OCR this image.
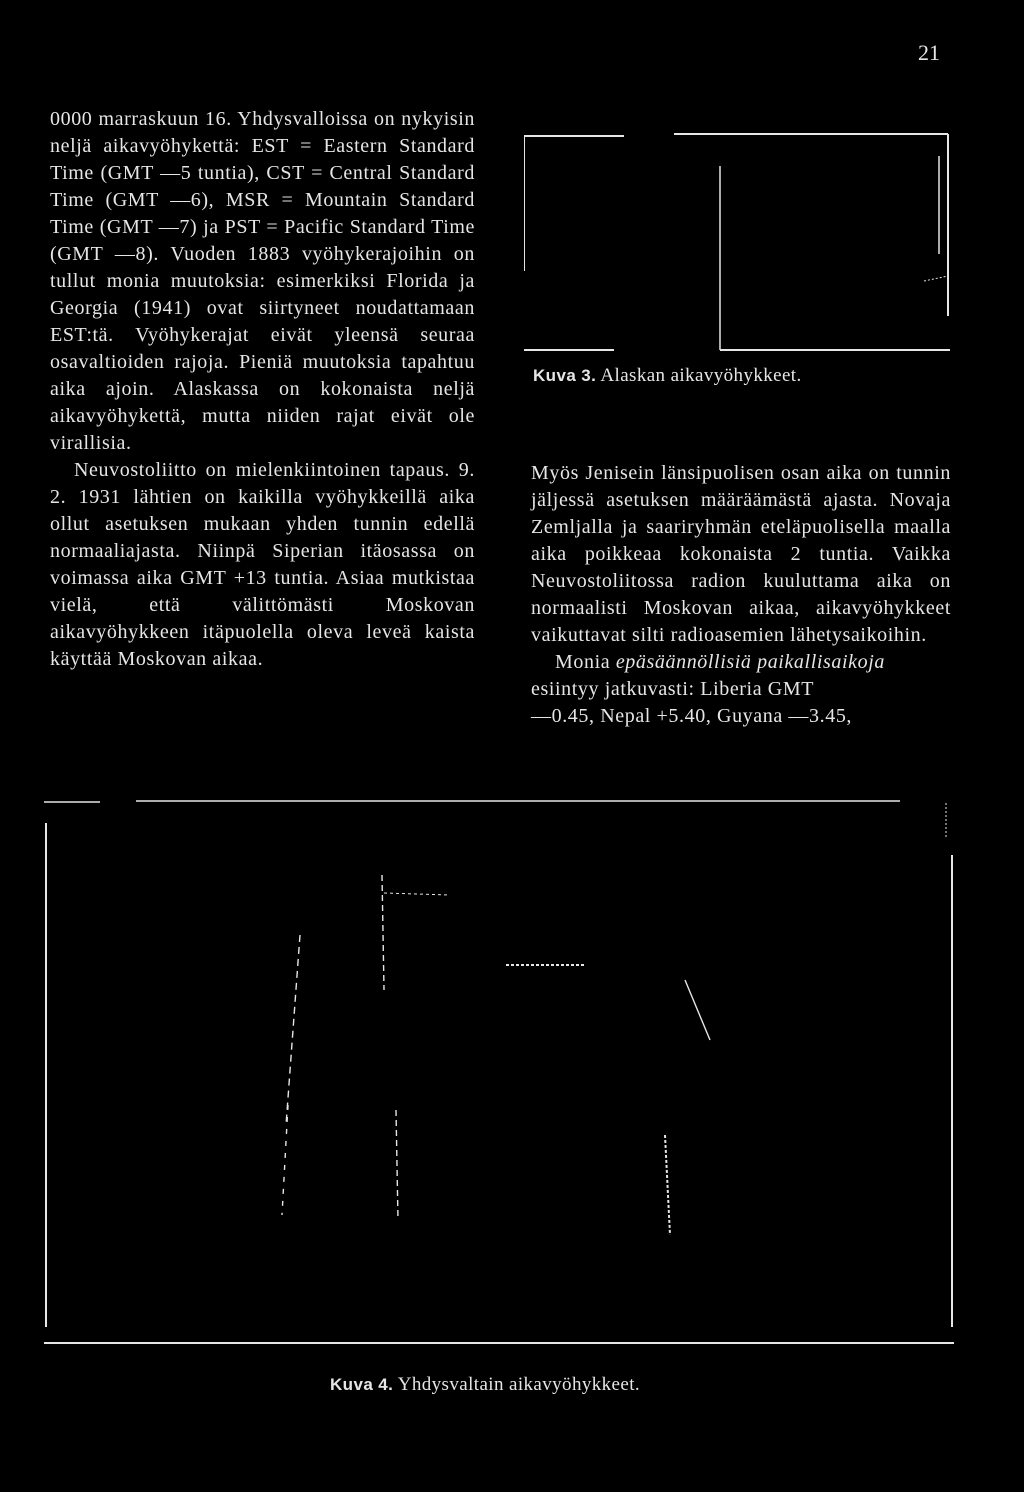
21

0000 marraskuun 16. Yhdysvalloissa on nykyisin neljä aikavyöhykettä: EST = Eastern Standard Time (GMT —5 tuntia), CST = Central Standard Time (GMT —6), MSR = Mountain Standard Time (GMT —7) ja PST = Pacific Standard Time (GMT —8). Vuoden 1883 vyöhykerajoihin on tullut monia muutoksia: esimerkiksi Florida ja Georgia (1941) ovat siirtyneet noudattamaan EST:tä. Vyöhykerajat eivät yleensä seuraa osavaltioiden rajoja. Pieniä muutoksia tapahtuu aika ajoin. Alaskassa on kokonaista neljä aikavyöhykettä, mutta niiden rajat eivät ole virallisia.

Neuvostoliitto on mielenkiintoinen tapaus. 9. 2. 1931 lähtien on kaikilla vyöhykkeillä aika ollut asetuksen mukaan yhden tunnin edellä normaaliajasta. Niinpä Siperian itäosassa on voimassa aika GMT +13 tuntia. Asiaa mutkistaa vielä, että välittömästi Moskovan aikavyöhykkeen itäpuolella oleva leveä kaista käyttää Moskovan aikaa.

Kuva 3. Alaskan aikavyöhykkeet.

Myös Jenisein länsipuolisen osan aika on tunnin jäljessä asetuksen määräämästä ajasta. Novaja Zemljalla ja saariryhmän eteläpuolisella maalla aika poikkeaa kokonaista 2 tuntia. Vaikka Neuvostoliitossa radion kuuluttama aika on normaalisti Moskovan aikaa, aikavyöhykkeet vaikuttavat silti radioasemien lähetysaikoihin.

Monia epäsäännöllisiä paikallisaikoja

esiintyy jatkuvasti: Liberia GMT
—0.45, Nepal +5.40, Guyana —3.45,

Kuva 4. Yhdysvaltain aikavyöhykkeet.
